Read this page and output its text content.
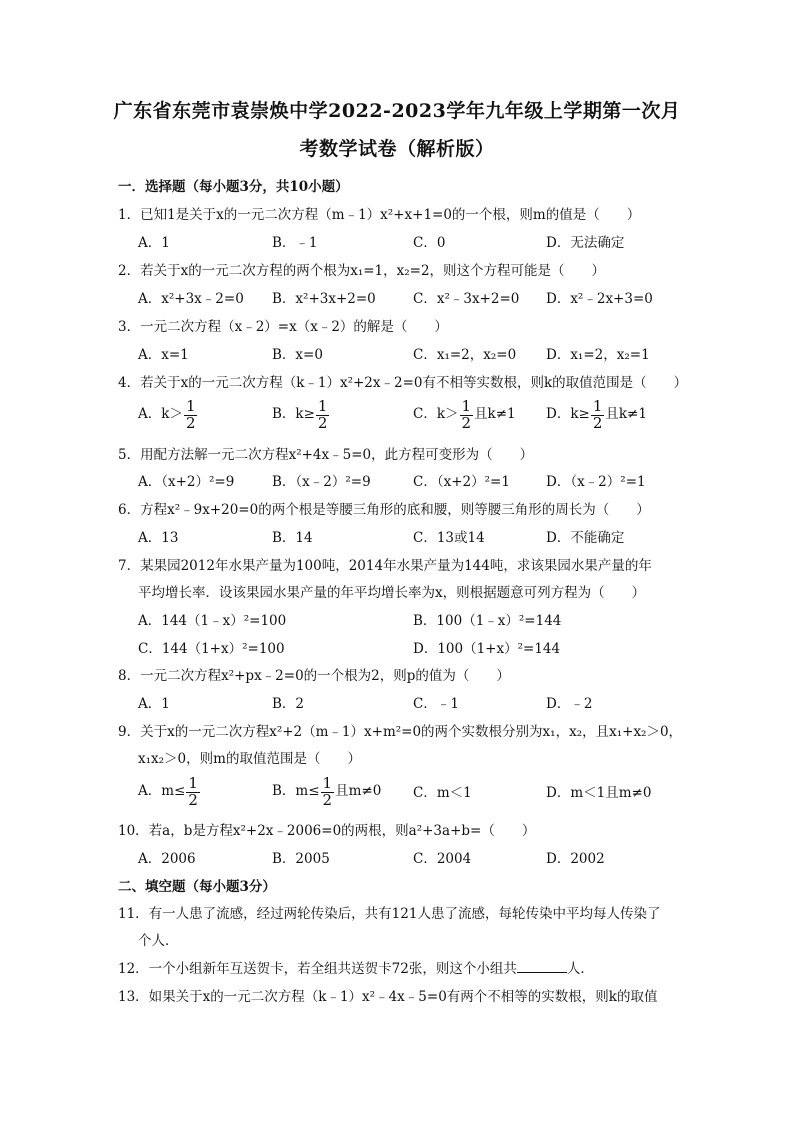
广东省东莞市袁崇焕中学2022-2023学年九年级上学期第一次月
考数学试卷（解析版）
一．选择题（每小题3分，共10小题）
1．已知1是关于x的一元二次方程（m﹣1）x²+x+1=0的一个根，则m的值是（　　）
A．1	B．﹣1	C．0	D．无法确定
2．若关于x的一元二次方程的两个根为x₁=1，x₂=2，则这个方程可能是（　　）
A．x²+3x﹣2=0 B．x²+3x+2=0	C．x²﹣3x+2=0 D．x²﹣2x+3=0
3．一元二次方程（x﹣2）=x（x﹣2）的解是（　　）
A．x=1	B．x=0	C．x₁=2，x₂=0 D．x₁=2，x₂=1
4．若关于x的一元二次方程（k﹣1）x²+2x﹣2=0有不相等实数根，则k的取值范围是（　　）
A．$k> \frac{1}{2}$	B．$k\ge \frac{1}{2}$	C．$k> \frac{1}{2}$ 且k≠1 D．$k\ge \frac{1}{2}$ 且k≠1
5．用配方法解一元二次方程x²+4x﹣5=0，此方程可变形为（　　）
A．（x+2）²=9	B．（x﹣2）²=9	C．（x+2）²=1	D．（x﹣2）²=1
6．方程x²﹣9x+20=0的两个根是等腰三角形的底和腰，则等腰三角形的周长为（　　）
A．13	B．14	C．13或14	D．不能确定
7．某果园2012年水果产量为100吨，2014年水果产量为144吨，求该果园水果产量的年
平均增长率．设该果园水果产量的年平均增长率为x，则根据题意可列方程为（　　）
A．144（1﹣x）²=100	B．100（1﹣x）²=144
C．144（1+x）²=100	D．100（1+x）²=144
8．一元二次方程x²+px﹣2=0的一个根为2，则p的值为（　　）
A．1	B．2	C．﹣1	D．﹣2
9．关于x的一元二次方程x²+2（m﹣1）x+m²=0的两个实数根分别为x₁，x₂，且x₁+x₂＞0，
x₁x₂＞0，则m的取值范围是（　　）
A．$m\le \frac{1}{2}$	B．$m\le \frac{1}{2}$ 且m≠0 C．m＜1	D．m＜1且m≠0
10．若a，b是方程x²+2x﹣2006=0的两根，则a²+3a+b=（　　）
A．2006	B．2005	C．2004	D．2002
二、填空题（每小题3分）
11．有一人患了流感，经过两轮传染后，共有121人患了流感，每轮传染中平均每人传染了
个人．
12．一个小组新年互送贺卡，若全组共送贺卡72张，则这个小组共	人．
13．如果关于x的一元二次方程（k﹣1）x²﹣4x﹣5=0有两个不相等的实数根，则k的取值
